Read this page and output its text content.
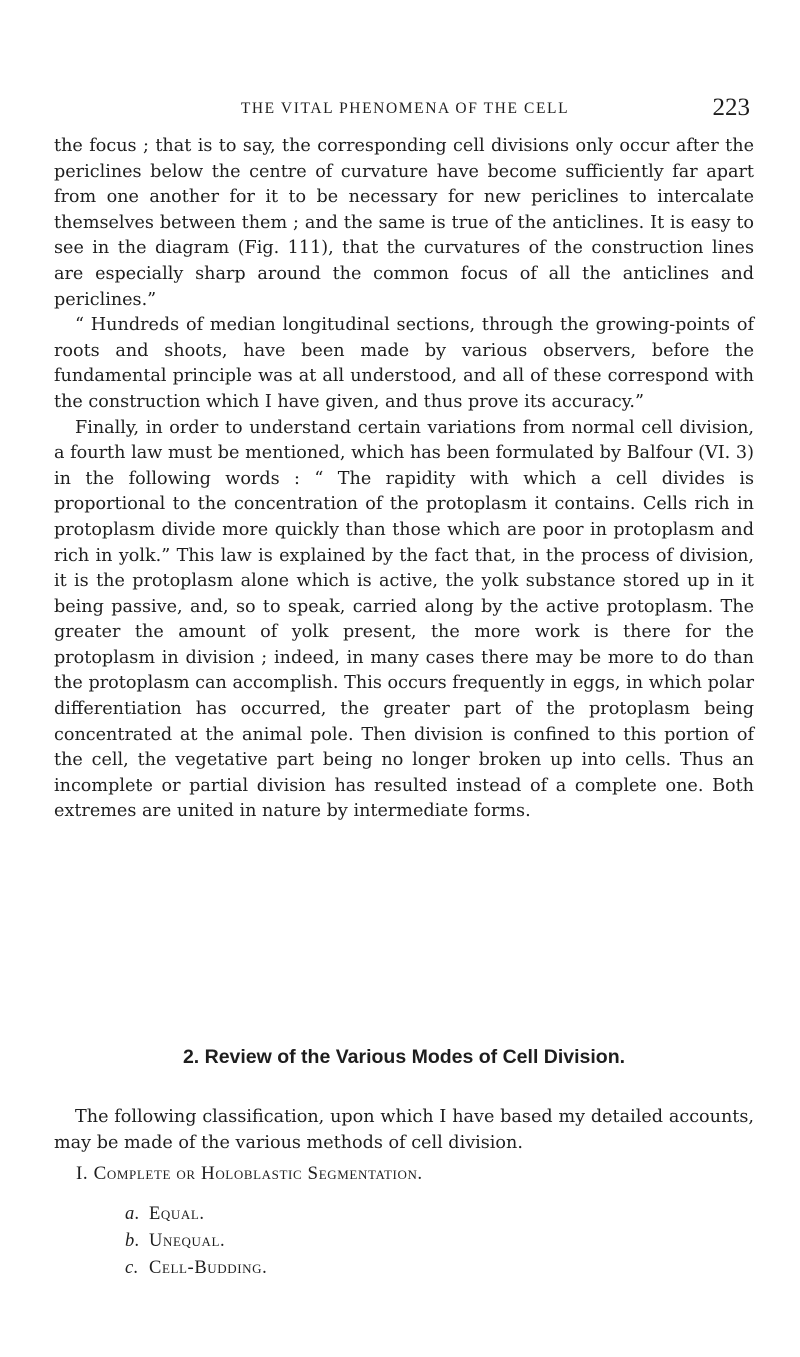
THE VITAL PHENOMENA OF THE CELL	223

the focus ; that is to say, the corresponding cell divisions only occur after the periclines below the centre of curvature have become sufficiently far apart from one another for it to be necessary for new periclines to intercalate themselves between them ; and the same is true of the anticlines. It is easy to see in the diagram (Fig. 111), that the curvatures of the construction lines are especially sharp around the common focus of all the anticlines and periclines.”

“ Hundreds of median longitudinal sections, through the growing-points of roots and shoots, have been made by various observers, before the fundamental principle was at all understood, and all of these correspond with the construction which I have given, and thus prove its accuracy.”

Finally, in order to understand certain variations from normal cell division, a fourth law must be mentioned, which has been formulated by Balfour (VI. 3) in the following words : “ The rapidity with which a cell divides is proportional to the concentration of the protoplasm it contains. Cells rich in protoplasm divide more quickly than those which are poor in protoplasm and rich in yolk.” This law is explained by the fact that, in the process of division, it is the protoplasm alone which is active, the yolk substance stored up in it being passive, and, so to speak, carried along by the active protoplasm. The greater the amount of yolk present, the more work is there for the protoplasm in division ; indeed, in many cases there may be more to do than the protoplasm can accomplish. This occurs frequently in eggs, in which polar differentiation has occurred, the greater part of the protoplasm being concentrated at the animal pole. Then division is confined to this portion of the cell, the vegetative part being no longer broken up into cells. Thus an incomplete or partial division has resulted instead of a complete one. Both extremes are united in nature by intermediate forms.

2. Review of the Various Modes of Cell Division.

The following classification, upon which I have based my detailed accounts, may be made of the various methods of cell division.

I. Complete or Holoblastic Segmentation.
a. Equal.
b. Unequal.
c. Cell-Budding.
